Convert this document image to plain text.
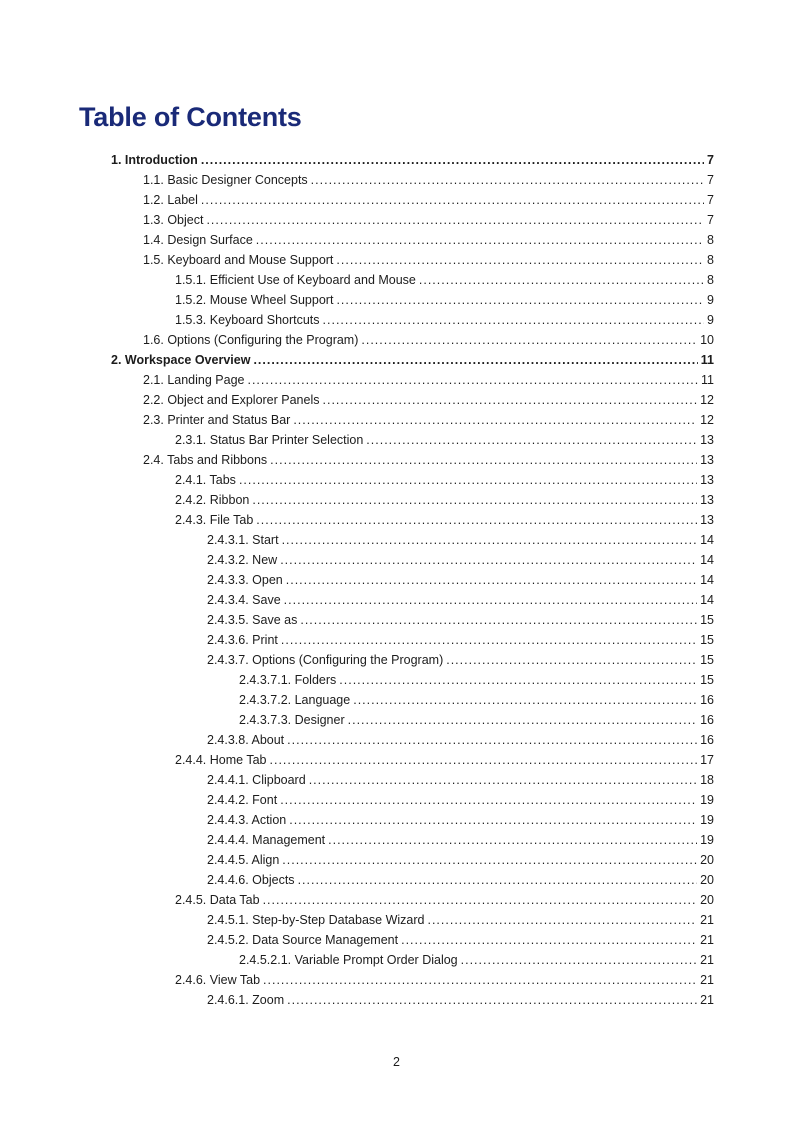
Table of Contents
1. Introduction .....	7
1.1. Basic Designer Concepts .....	7
1.2. Label .....	7
1.3. Object .....	7
1.4. Design Surface .....	8
1.5. Keyboard and Mouse Support .....	8
1.5.1. Efficient Use of Keyboard and Mouse .....	8
1.5.2. Mouse Wheel Support .....	9
1.5.3. Keyboard Shortcuts .....	9
1.6. Options (Configuring the Program) .....	10
2. Workspace Overview .....	11
2.1. Landing Page .....	11
2.2. Object and Explorer Panels .....	12
2.3. Printer and Status Bar .....	12
2.3.1. Status Bar Printer Selection .....	13
2.4. Tabs and Ribbons .....	13
2.4.1. Tabs .....	13
2.4.2. Ribbon .....	13
2.4.3. File Tab .....	13
2.4.3.1. Start .....	14
2.4.3.2. New .....	14
2.4.3.3. Open .....	14
2.4.3.4. Save .....	14
2.4.3.5. Save as .....	15
2.4.3.6. Print .....	15
2.4.3.7. Options (Configuring the Program) .....	15
2.4.3.7.1. Folders .....	15
2.4.3.7.2. Language .....	16
2.4.3.7.3. Designer .....	16
2.4.3.8. About .....	16
2.4.4. Home Tab .....	17
2.4.4.1. Clipboard .....	18
2.4.4.2. Font .....	19
2.4.4.3. Action .....	19
2.4.4.4. Management .....	19
2.4.4.5. Align .....	20
2.4.4.6. Objects .....	20
2.4.5. Data Tab .....	20
2.4.5.1. Step-by-Step Database Wizard .....	21
2.4.5.2. Data Source Management .....	21
2.4.5.2.1. Variable Prompt Order Dialog .....	21
2.4.6. View Tab .....	21
2.4.6.1. Zoom .....	21

2
